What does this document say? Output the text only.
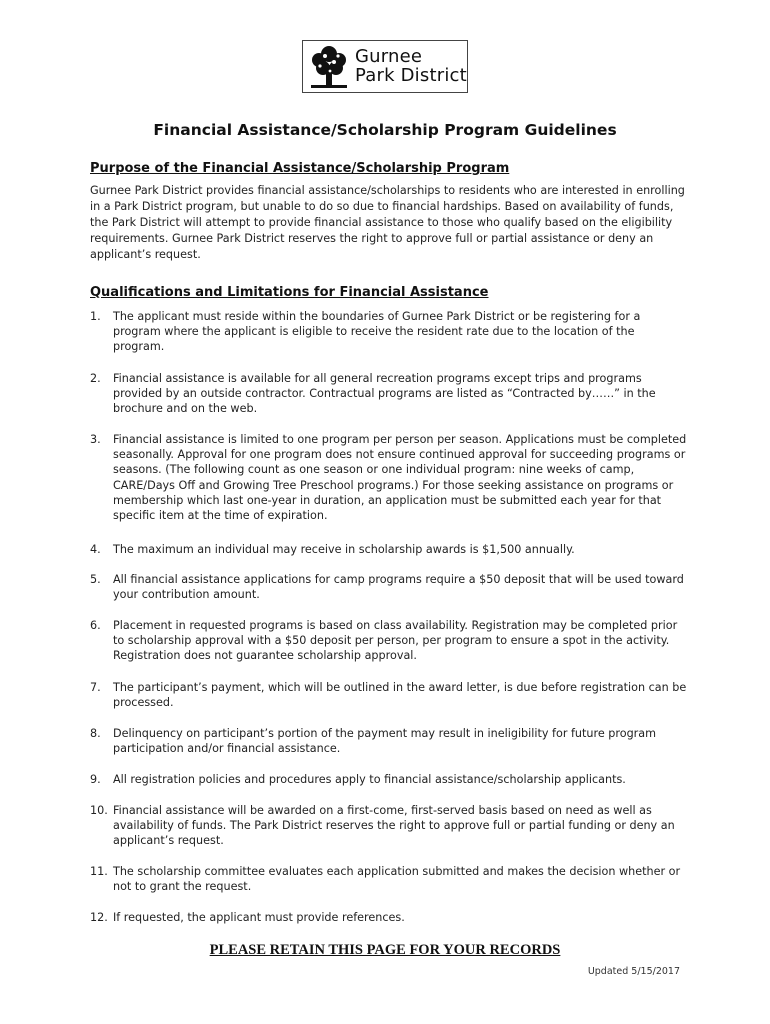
Gurnee
Park District
Financial Assistance/Scholarship Program Guidelines
Purpose of the Financial Assistance/Scholarship Program
Gurnee Park District provides financial assistance/scholarships to residents who are interested in enrolling in a Park District program, but unable to do so due to financial hardships. Based on availability of funds, the Park District will attempt to provide financial assistance to those who qualify based on the eligibility requirements. Gurnee Park District reserves the right to approve full or partial assistance or deny an applicant’s request.
Qualifications and Limitations for Financial Assistance
1.	The applicant must reside within the boundaries of Gurnee Park District or be registering for a program where the applicant is eligible to receive the resident rate due to the location of the program.
2.	Financial assistance is available for all general recreation programs except trips and programs provided by an outside contractor. Contractual programs are listed as “Contracted by……” in the brochure and on the web.
3.	Financial assistance is limited to one program per person per season. Applications must be completed seasonally. Approval for one program does not ensure continued approval for succeeding programs or seasons. (The following count as one season or one individual program: nine weeks of camp, CARE/Days Off and Growing Tree Preschool programs.) For those seeking assistance on programs or membership which last one-year in duration, an application must be submitted each year for that specific item at the time of expiration.
4.	The maximum an individual may receive in scholarship awards is $1,500 annually.
5.	All financial assistance applications for camp programs require a $50 deposit that will be used toward your contribution amount.
6.	Placement in requested programs is based on class availability. Registration may be completed prior to scholarship approval with a $50 deposit per person, per program to ensure a spot in the activity. Registration does not guarantee scholarship approval.
7.	The participant’s payment, which will be outlined in the award letter, is due before registration can be processed.
8.	Delinquency on participant’s portion of the payment may result in ineligibility for future program participation and/or financial assistance.
9.	All registration policies and procedures apply to financial assistance/scholarship applicants.
10. Financial assistance will be awarded on a first-come, first-served basis based on need as well as availability of funds. The Park District reserves the right to approve full or partial funding or deny an applicant’s request.
11. The scholarship committee evaluates each application submitted and makes the decision whether or not to grant the request.
12. If requested, the applicant must provide references.
PLEASE RETAIN THIS PAGE FOR YOUR RECORDS
Updated 5/15/2017
